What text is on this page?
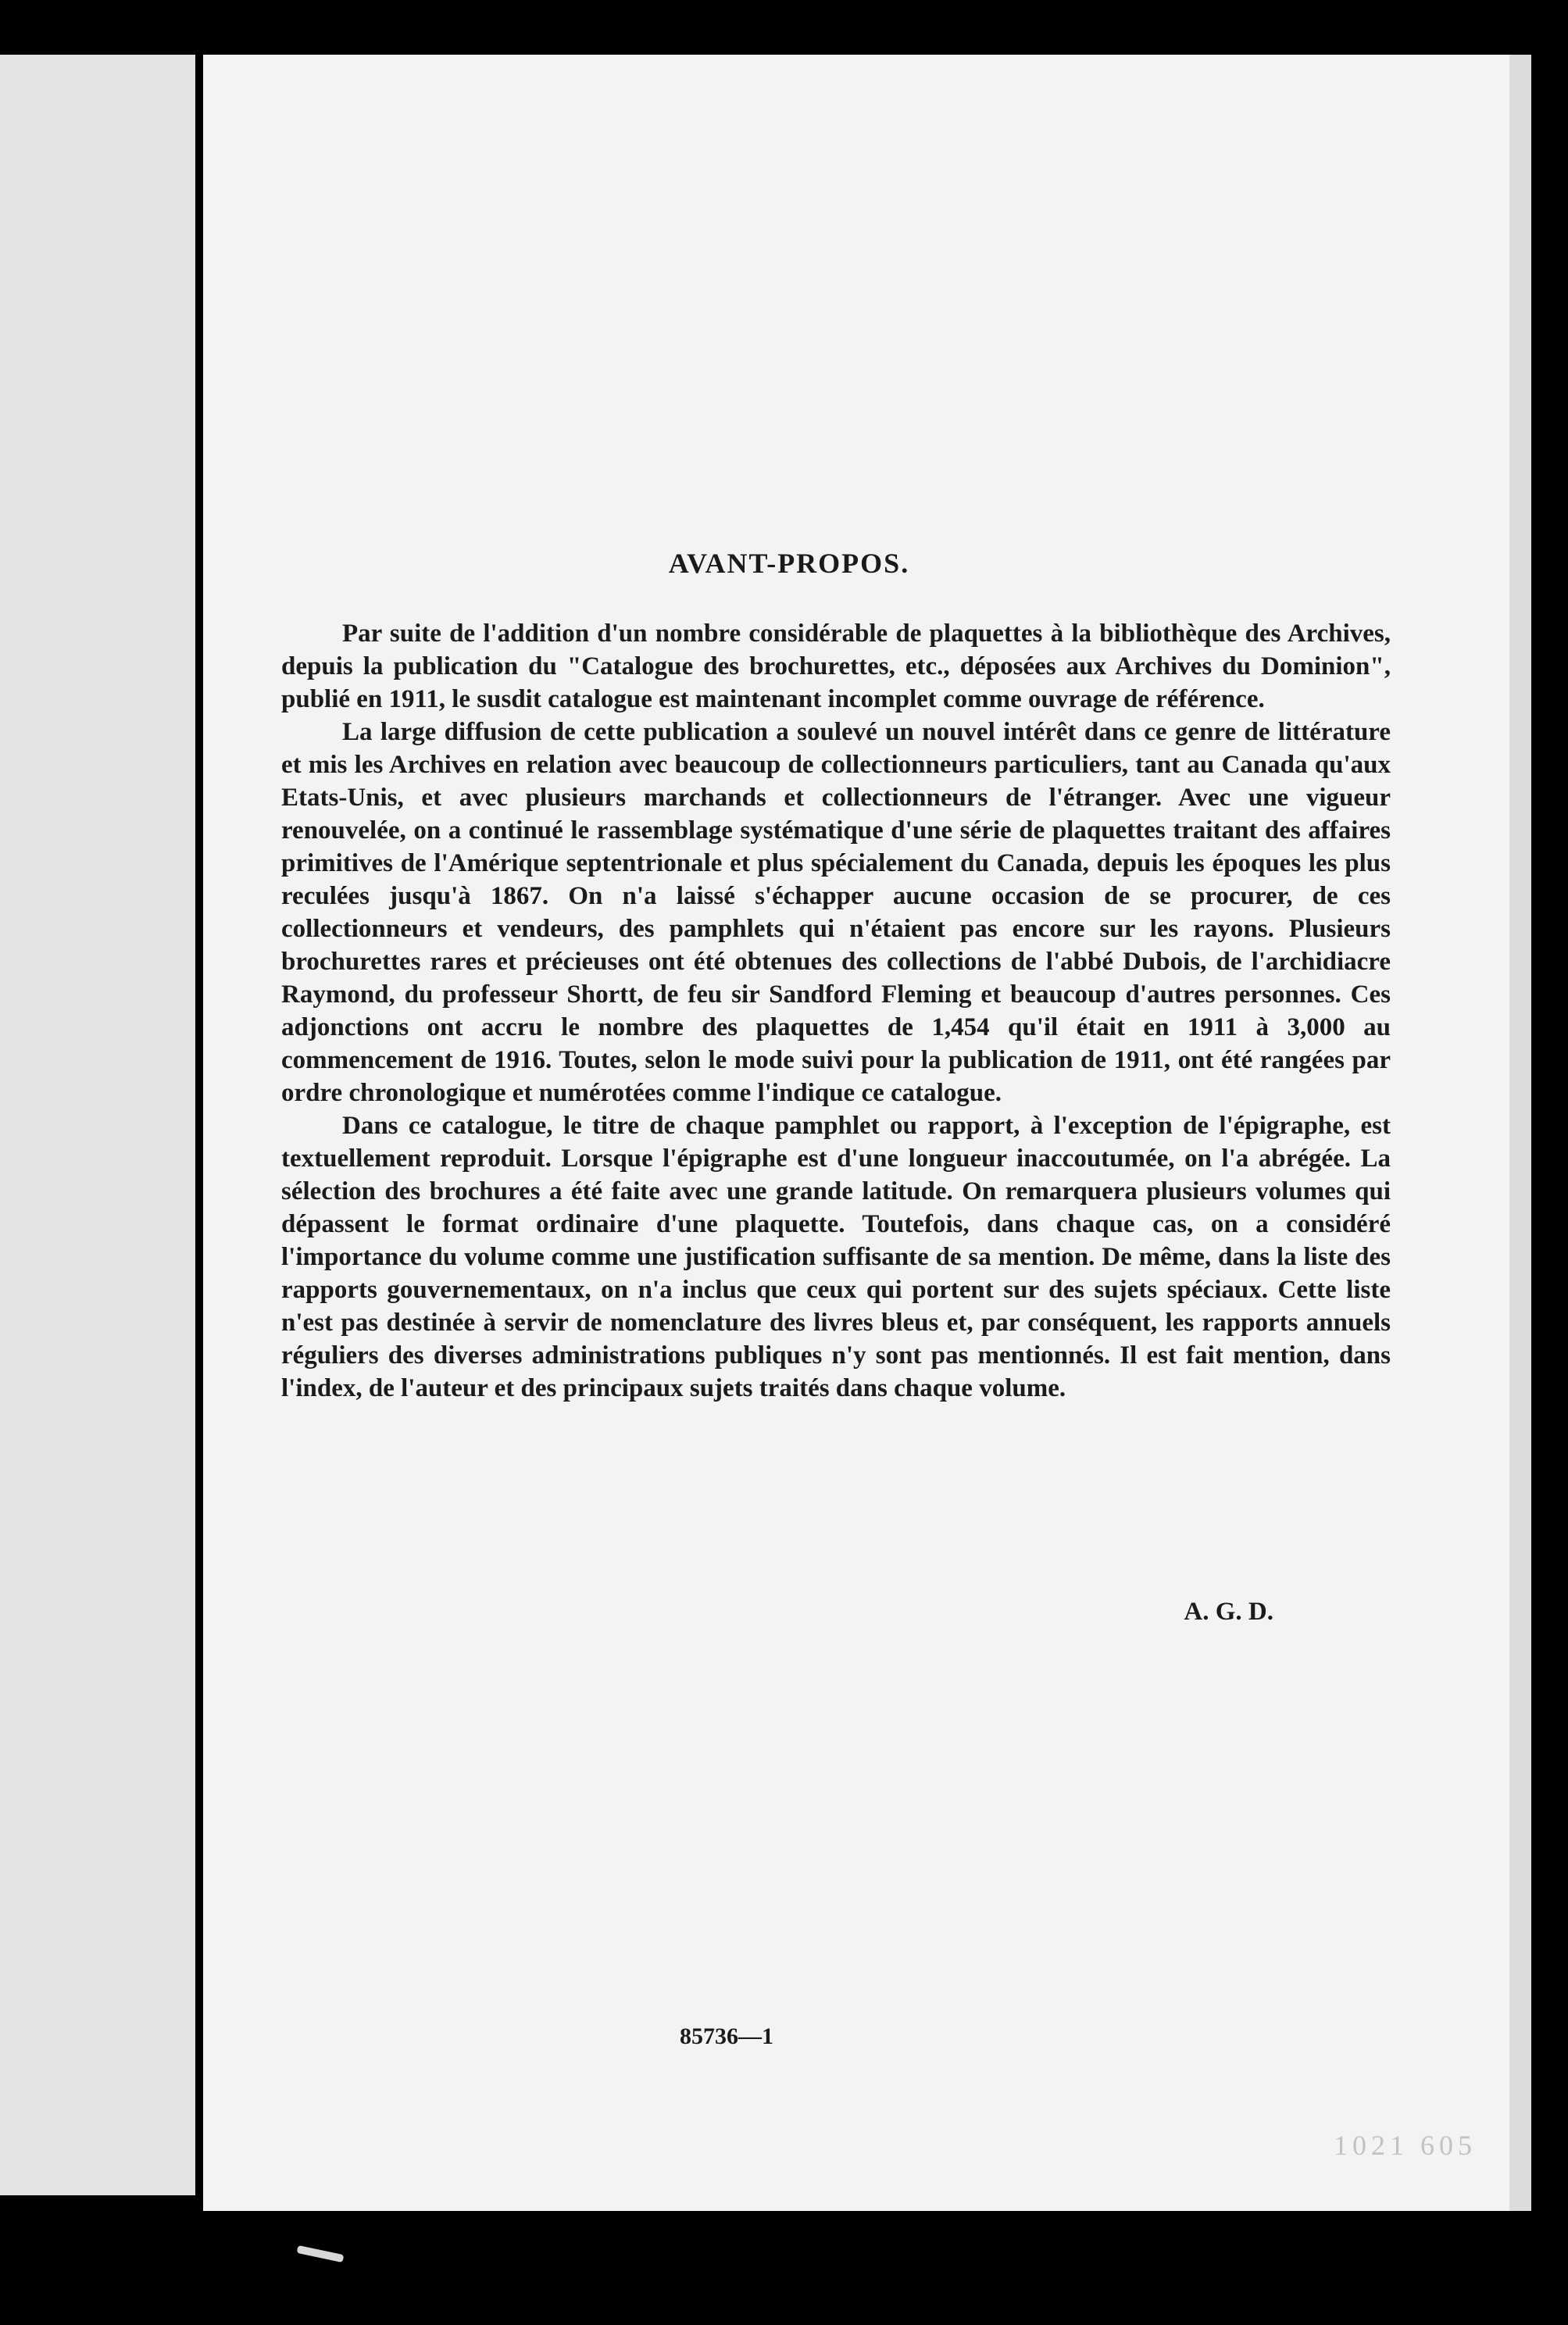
AVANT-PROPOS.

Par suite de l'addition d'un nombre considérable de plaquettes à la bibliothèque des Archives, depuis la publication du "Catalogue des brochurettes, etc., déposées aux Archives du Dominion", publié en 1911, le susdit catalogue est maintenant incomplet comme ouvrage de référence.

La large diffusion de cette publication a soulevé un nouvel intérêt dans ce genre de littérature et mis les Archives en relation avec beaucoup de collectionneurs particuliers, tant au Canada qu'aux Etats-Unis, et avec plusieurs marchands et collectionneurs de l'étranger. Avec une vigueur renouvelée, on a continué le rassemblage systématique d'une série de plaquettes traitant des affaires primitives de l'Amérique septentrionale et plus spécialement du Canada, depuis les époques les plus reculées jusqu'à 1867. On n'a laissé s'échapper aucune occasion de se procurer, de ces collectionneurs et vendeurs, des pamphlets qui n'étaient pas encore sur les rayons. Plusieurs brochurettes rares et précieuses ont été obtenues des collections de l'abbé Dubois, de l'archidiacre Raymond, du professeur Shortt, de feu sir Sandford Fleming et beaucoup d'autres personnes. Ces adjonctions ont accru le nombre des plaquettes de 1,454 qu'il était en 1911 à 3,000 au commencement de 1916. Toutes, selon le mode suivi pour la publication de 1911, ont été rangées par ordre chronologique et numérotées comme l'indique ce catalogue.

Dans ce catalogue, le titre de chaque pamphlet ou rapport, à l'exception de l'épigraphe, est textuellement reproduit. Lorsque l'épigraphe est d'une longueur inaccoutumée, on l'a abrégée. La sélection des brochures a été faite avec une grande latitude. On remarquera plusieurs volumes qui dépassent le format ordinaire d'une plaquette. Toutefois, dans chaque cas, on a considéré l'importance du volume comme une justification suffisante de sa mention. De même, dans la liste des rapports gouvernementaux, on n'a inclus que ceux qui portent sur des sujets spéciaux. Cette liste n'est pas destinée à servir de nomenclature des livres bleus et, par conséquent, les rapports annuels réguliers des diverses administrations publiques n'y sont pas mentionnés. Il est fait mention, dans l'index, de l'auteur et des principaux sujets traités dans chaque volume.

A. G. D.
85736—1
1021 605
